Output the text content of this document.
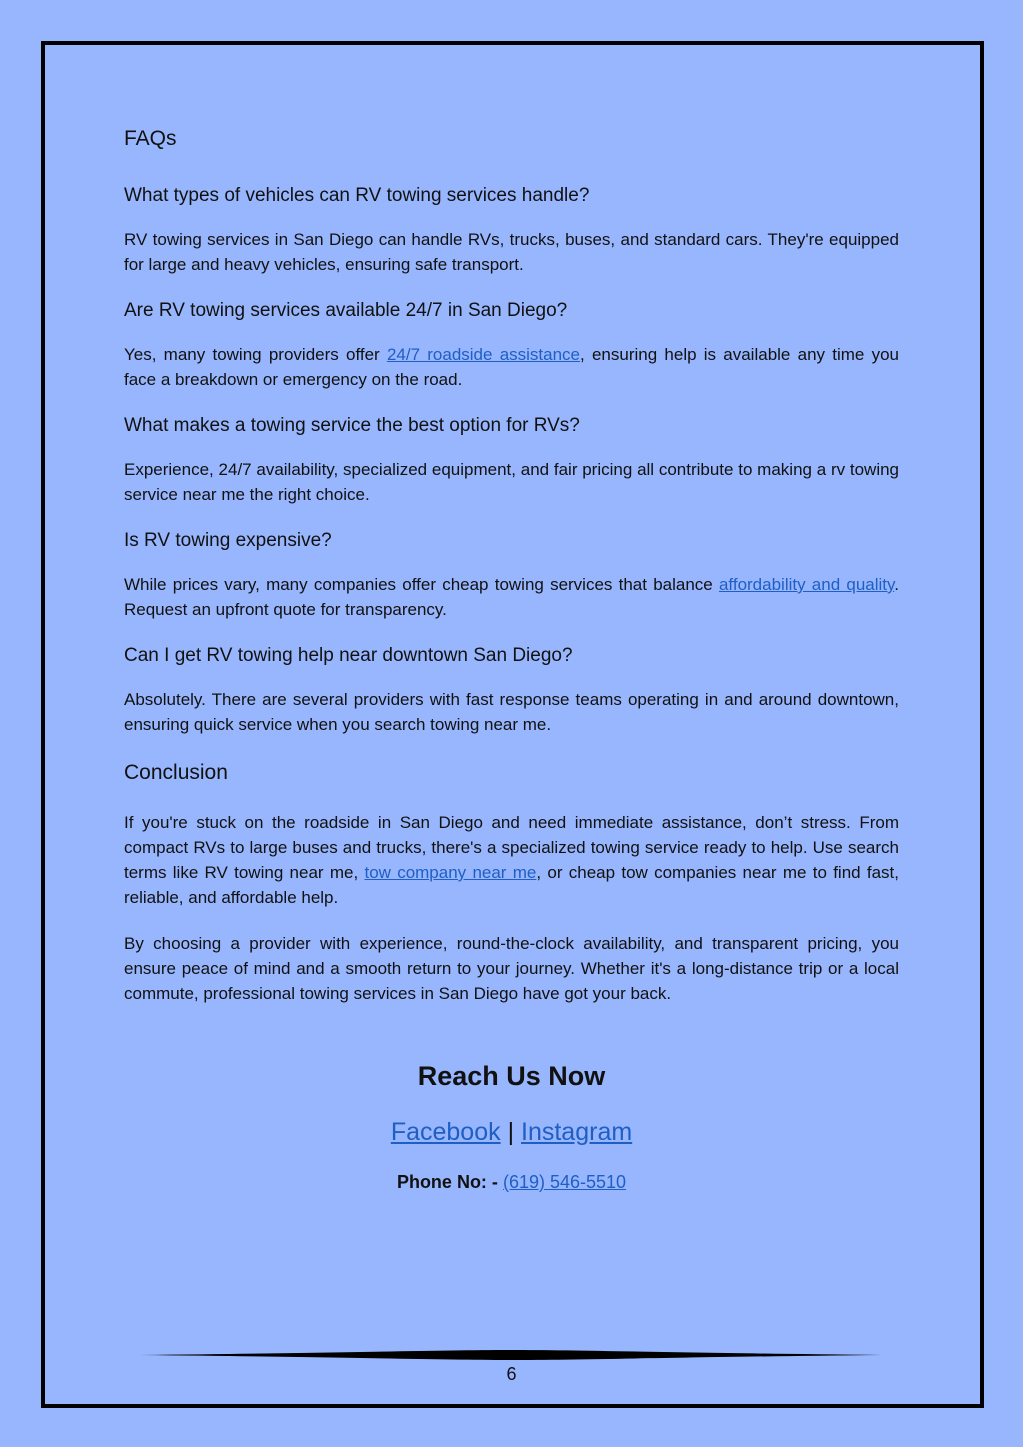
FAQs
What types of vehicles can RV towing services handle?

RV towing services in San Diego can handle RVs, trucks, buses, and standard cars. They're equipped for large and heavy vehicles, ensuring safe transport.

Are RV towing services available 24/7 in San Diego?

Yes, many towing providers offer 24/7 roadside assistance, ensuring help is available any time you face a breakdown or emergency on the road.

What makes a towing service the best option for RVs?

Experience, 24/7 availability, specialized equipment, and fair pricing all contribute to making a rv towing service near me the right choice.

Is RV towing expensive?

While prices vary, many companies offer cheap towing services that balance affordability and quality. Request an upfront quote for transparency.

Can I get RV towing help near downtown San Diego?

Absolutely. There are several providers with fast response teams operating in and around downtown, ensuring quick service when you search towing near me.

Conclusion

If you're stuck on the roadside in San Diego and need immediate assistance, don’t stress. From compact RVs to large buses and trucks, there's a specialized towing service ready to help. Use search terms like RV towing near me, tow company near me, or cheap tow companies near me to find fast, reliable, and affordable help.

By choosing a provider with experience, round-the-clock availability, and transparent pricing, you ensure peace of mind and a smooth return to your journey. Whether it's a long-distance trip or a local commute, professional towing services in San Diego have got your back.

Reach Us Now
Facebook | Instagram
Phone No: - (619) 546-5510
6
